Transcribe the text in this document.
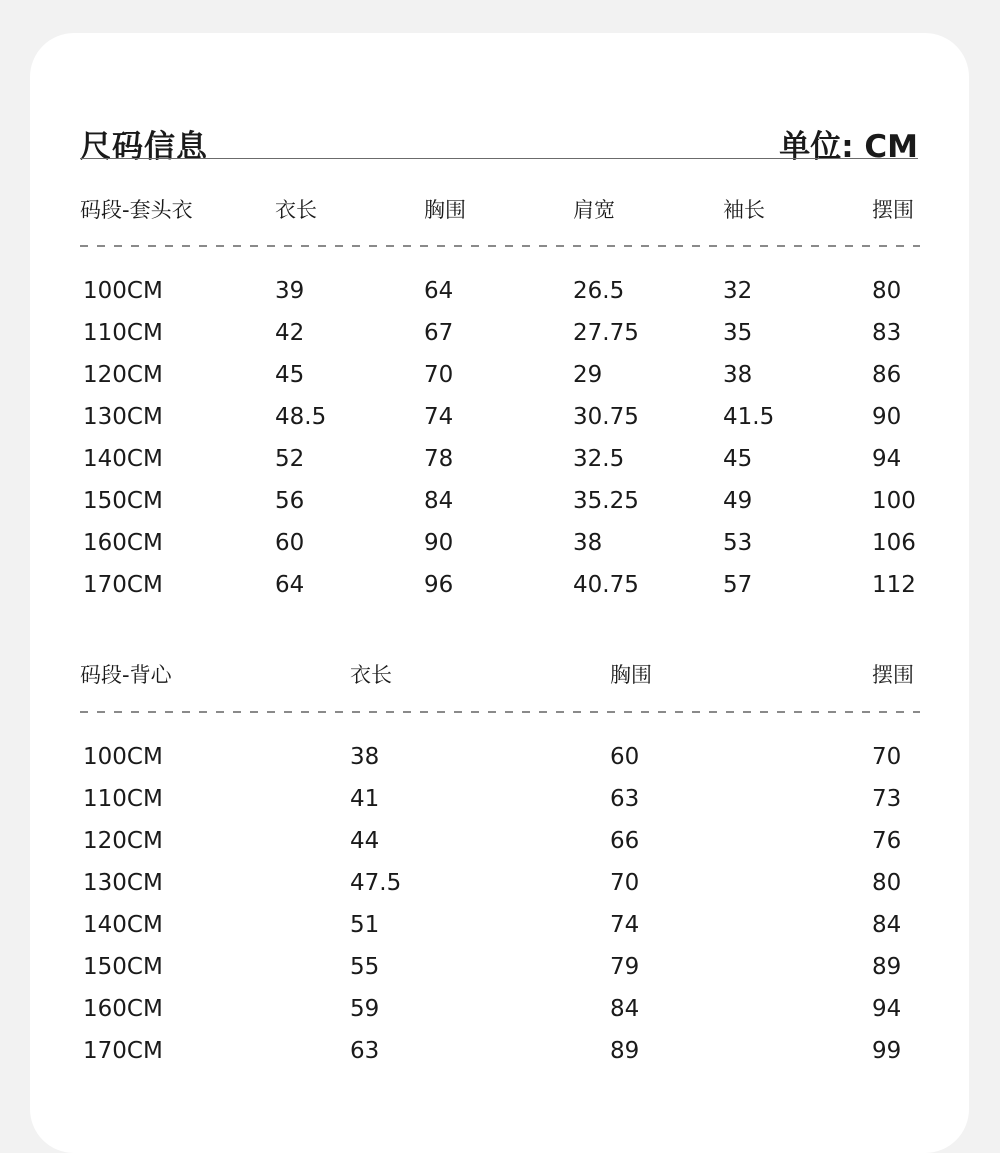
尺码信息	单位: CM
码段-套头衣	衣长	胸围	肩宽	袖长	摆围
100CM	39	64	26.5	32	80
110CM	42	67	27.75	35	83
120CM	45	70	29	38	86
130CM	48.5	74	30.75	41.5	90
140CM	52	78	32.5	45	94
150CM	56	84	35.25	49	100
160CM	60	90	38	53	106
170CM	64	96	40.75	57	112
码段-背心	衣长	胸围	摆围
100CM	38	60	70
110CM	41	63	73
120CM	44	66	76
130CM	47.5	70	80
140CM	51	74	84
150CM	55	79	89
160CM	59	84	94
170CM	63	89	99
